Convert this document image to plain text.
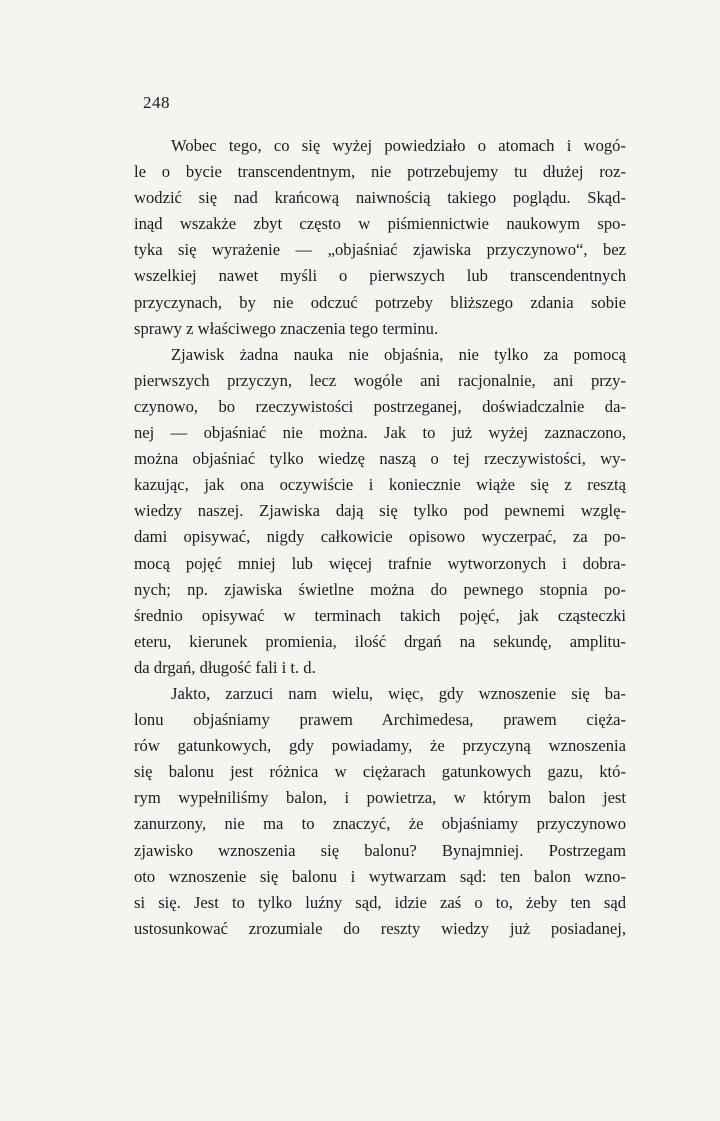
248
Wobec tego, co się wyżej powiedziało o atomach i wogó-
le o bycie transcendentnym, nie potrzebujemy tu dłużej roz-
wodzić się nad krańcową naiwnością takiego poglądu. Skąd-
inąd wszakże zbyt często w piśmiennictwie naukowym spo-
tyka się wyrażenie — „objaśniać zjawiska przyczynowo“, bez
wszelkiej nawet myśli o pierwszych lub transcendentnych
przyczynach, by nie odczuć potrzeby bliższego zdania sobie
sprawy z właściwego znaczenia tego terminu.
Zjawisk żadna nauka nie objaśnia, nie tylko za pomocą
pierwszych przyczyn, lecz wogóle ani racjonalnie, ani przy-
czynowo, bo rzeczywistości postrzeganej, doświadczalnie da-
nej — objaśniać nie można. Jak to już wyżej zaznaczono,
można objaśniać tylko wiedzę naszą o tej rzeczywistości, wy-
kazując, jak ona oczywiście i koniecznie wiąże się z resztą
wiedzy naszej. Zjawiska dają się tylko pod pewnemi wzglę-
dami opisywać, nigdy całkowicie opisowo wyczerpać, za po-
mocą pojęć mniej lub więcej trafnie wytworzonych i dobra-
nych; np. zjawiska świetlne można do pewnego stopnia po-
średnio opisywać w terminach takich pojęć, jak cząsteczki
eteru, kierunek promienia, ilość drgań na sekundę, amplitu-
da drgań, długość fali i t. d.
Jakto, zarzuci nam wielu, więc, gdy wznoszenie się ba-
lonu objaśniamy prawem Archimedesa, prawem cięża-
rów gatunkowych, gdy powiadamy, że przyczyną wznoszenia
się balonu jest różnica w ciężarach gatunkowych gazu, któ-
rym wypełniliśmy balon, i powietrza, w którym balon jest
zanurzony, nie ma to znaczyć, że objaśniamy przyczynowo
zjawisko wznoszenia się balonu? Bynajmniej. Postrzegam
oto wznoszenie się balonu i wytwarzam sąd: ten balon wzno-
si się. Jest to tylko luźny sąd, idzie zaś o to, żeby ten sąd
ustosunkować zrozumiale do reszty wiedzy już posiadanej,
